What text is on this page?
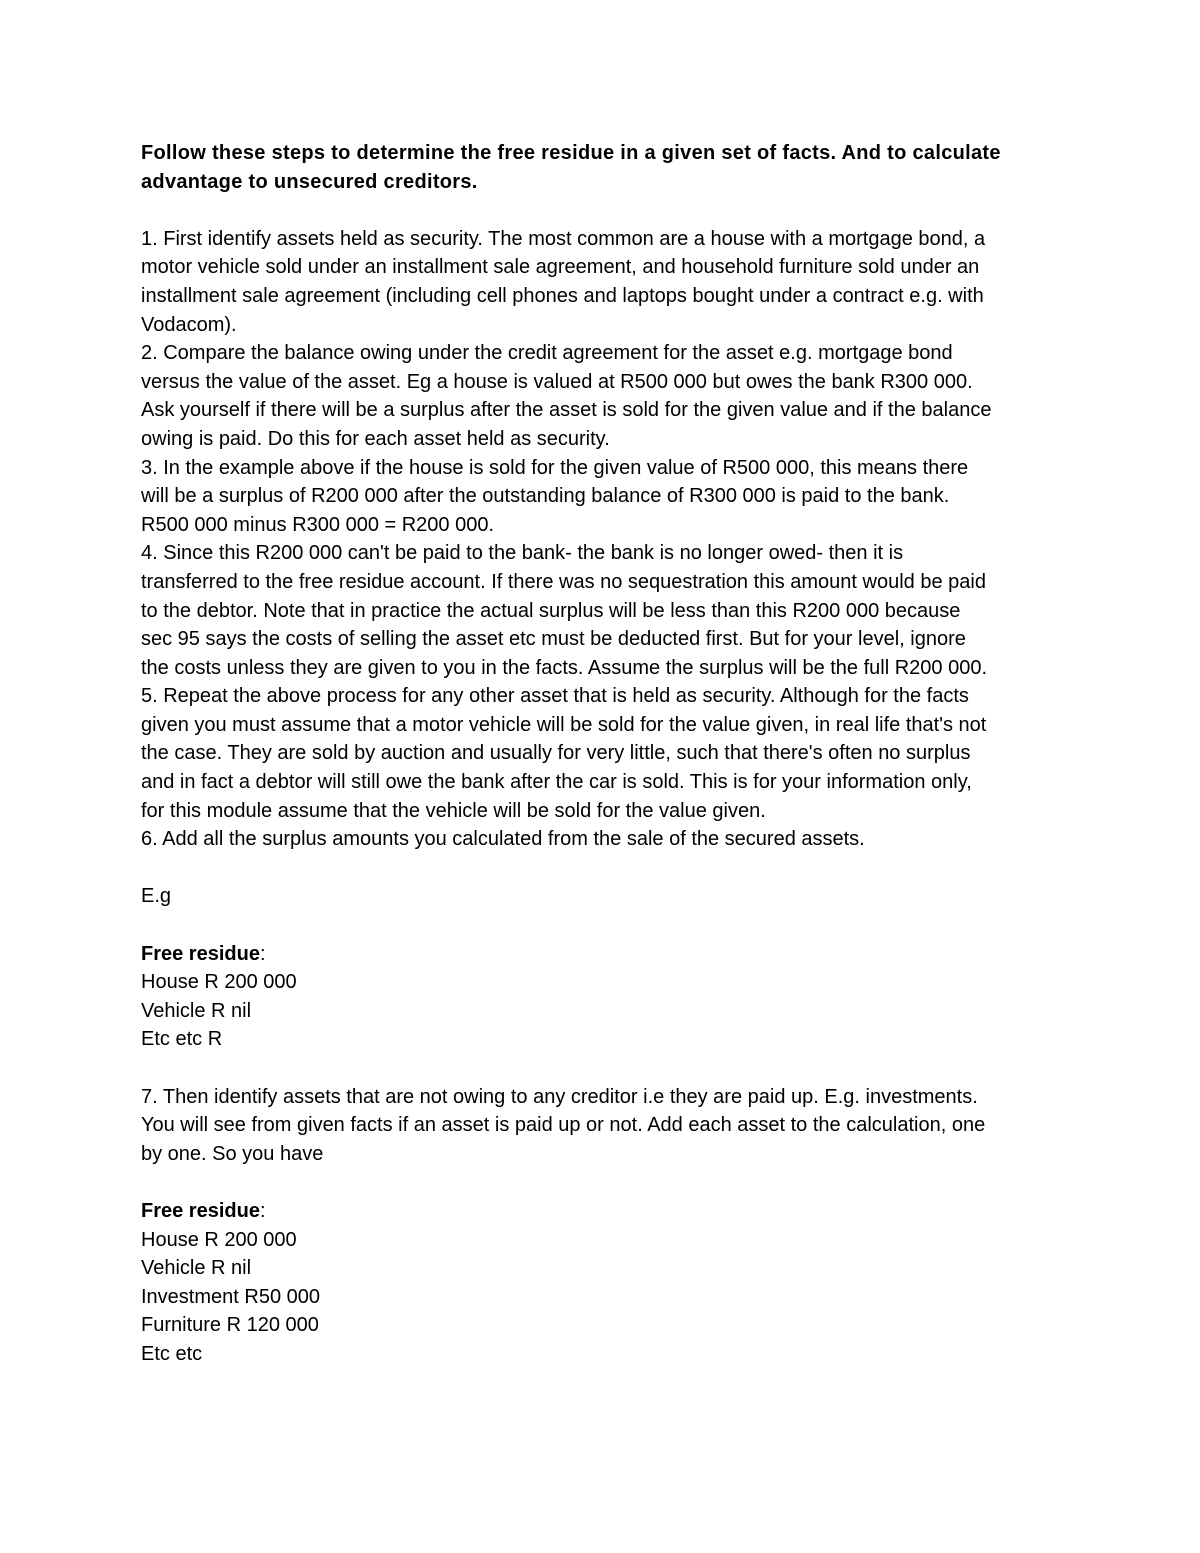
Follow these steps to determine the free residue in a given set of facts. And to calculate
advantage to unsecured creditors.
1. First identify assets held as security. The most common are a house with a mortgage bond, a
motor vehicle sold under an installment sale agreement, and household furniture sold under an
installment sale agreement (including cell phones and laptops bought under a contract e.g. with
Vodacom).
2. Compare the balance owing under the credit agreement for the asset e.g. mortgage bond
versus the value of the asset. Eg a house is valued at R500 000 but owes the bank R300 000.
Ask yourself if there will be a surplus after the asset is sold for the given value and if the balance
owing is paid. Do this for each asset held as security.
3. In the example above if the house is sold for the given value of R500 000, this means there
will be a surplus of R200 000 after the outstanding balance of R300 000 is paid to the bank.
R500 000 minus R300 000 = R200 000.
4. Since this R200 000 can't be paid to the bank- the bank is no longer owed- then it is
transferred to the free residue account. If there was no sequestration this amount would be paid
to the debtor. Note that in practice the actual surplus will be less than this R200 000 because
sec 95 says the costs of selling the asset etc must be deducted first. But for your level, ignore
the costs unless they are given to you in the facts. Assume the surplus will be the full R200 000.
5. Repeat the above process for any other asset that is held as security. Although for the facts
given you must assume that a motor vehicle will be sold for the value given, in real life that's not
the case. They are sold by auction and usually for very little, such that there's often no surplus
and in fact a debtor will still owe the bank after the car is sold. This is for your information only,
for this module assume that the vehicle will be sold for the value given.
6. Add all the surplus amounts you calculated from the sale of the secured assets.
E.g
Free residue:
House R 200 000
Vehicle R nil
Etc etc R
7. Then identify assets that are not owing to any creditor i.e they are paid up. E.g. investments.
You will see from given facts if an asset is paid up or not. Add each asset to the calculation, one
by one. So you have
Free residue:
House R 200 000
Vehicle R nil
Investment R50 000
Furniture R 120 000
Etc etc
